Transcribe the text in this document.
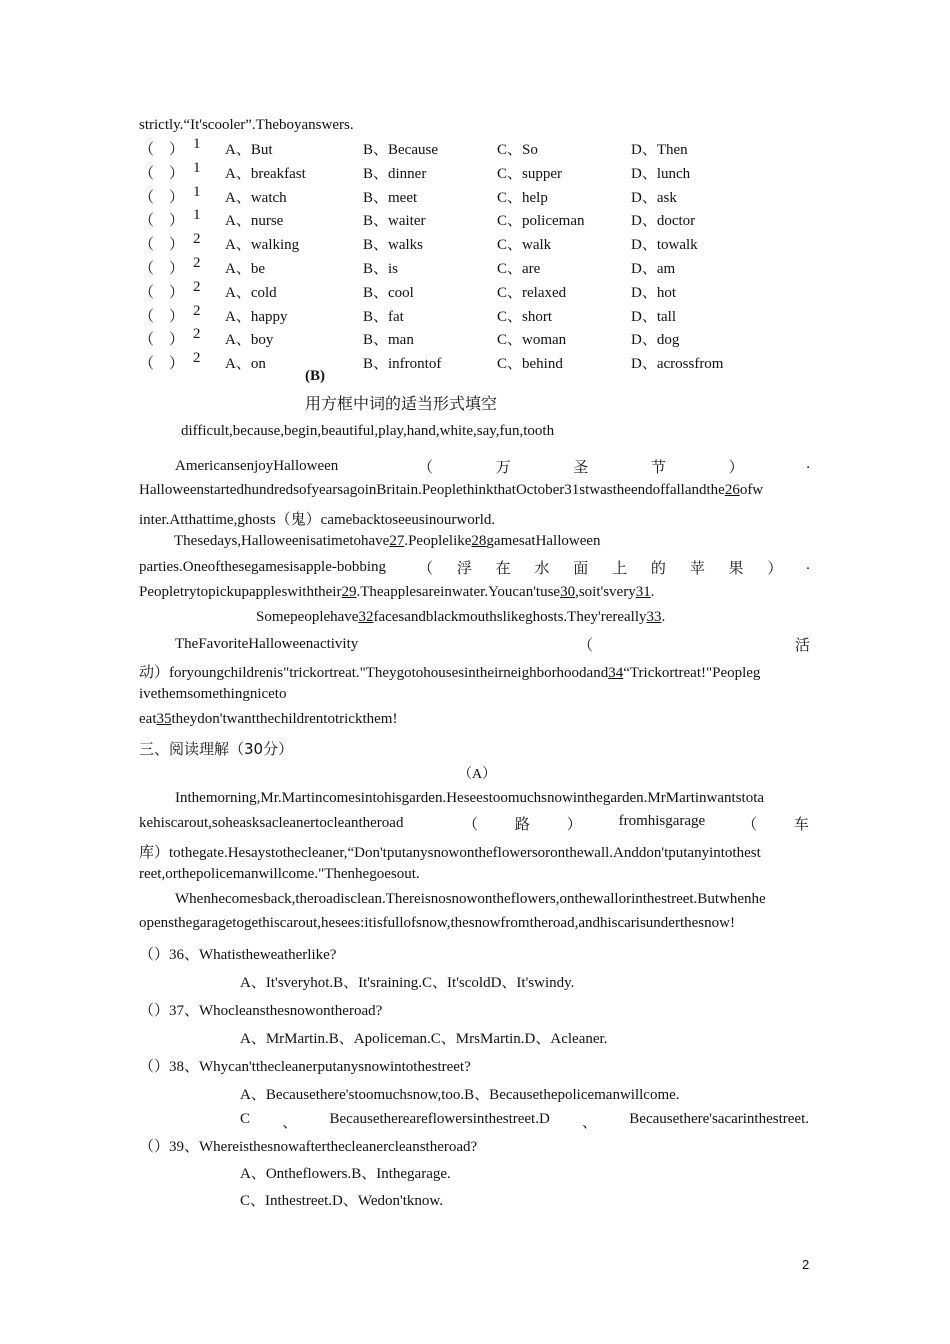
strictly.“It'scooler”.Theboyanswers.
（　） 1 A、But	B、Because	C、So	D、Then
（　） 1 A、breakfast	B、dinner	C、supper	D、lunch
（　） 1 A、watch	B、meet	C、help	D、ask
（　） 1 A、nurse	B、waiter	C、policeman	D、doctor
（　） 2 A、walking	B、walks	C、walk	D、towalk
（　） 2 A、be	B、is	C、are	D、am
（　） 2 A、cold	B、cool	C、relaxed	D、hot
（　） 2 A、happy	B、fat	C、short	D、tall
（　） 2 A、boy	B、man	C、woman	D、dog
（　） 2 A、on	B、infrontof	C、behind	D、acrossfrom
(B)
用方框中词的适当形式填空
difficult,because,begin,beautiful,play,hand,white,say,fun,tooth
AmericansenjoyHalloween	（	万	圣	节	）	.
HalloweenstartedhundredsofyearsagoinBritain.PeoplethinkthatOctober31stwastheendoffallandthe26ofw
inter.Atthattime,ghosts（鬼）camebacktoseeusinourworld.
Thesedays,Halloweenisatimetohave27.Peoplelike28gamesatHalloween
parties.Oneofthesegamesisapple-bobbing （ 浮 在 水 面 上 的 苹 果 ） .
Peopletrytopickupappleswiththeir29.Theapplesareinwater.Youcan'tuse30,soit'svery31.
Somepeoplehave32facesandblackmouthslikeghosts.They'rereally33.
TheFavoriteHalloweenactivity	（	活
动）foryoungchildrenis"trickortreat."Theygotohousesintheirneighborhoodand34“Trickortreat!"Peopleg
ivethemsomethingniceto
eat35theydon'twantthechildrentotrickthem!
三、阅读理解（30分）
（A）
Inthemorning,Mr.Martincomesintohisgarden.Heseestoomuchsnowinthegarden.MrMartinwantstota
kehiscarout,soheasksacleanertocleantheroad	（ 路 ） fromhisgarage （ 车
库）tothegate.Hesaystothecleaner,“Don'tputanysnowontheflowersoronthewall.Anddon'tputanyintothest
reet,orthepolicemanwillcome."Thenhegoesout.
Whenhecomesback,theroadisclean.Thereisnosnowontheflowers,onthewallorinthestreet.Butwhenhe
opensthegaragetogethiscarout,hesees:itisfullofsnow,thesnowfromtheroad,andhiscarisunderthesnow!
（）36、Whatistheweatherlike?
A、It'sveryhot.B、It'sraining.C、It'scoldD、It'swindy.
（）37、Whocleansthesnowontheroad?
A、MrMartin.B、Apoliceman.C、MrsMartin.D、Acleaner.
（）38、Whycan'tthecleanerputanysnowintothestreet?
A、Becausethere'stoomuchsnow,too.B、Becausethepolicemanwillcome.
C 、 Becausethereareflowersinthestreet.D 、 Becausethere'sacarinthestreet.
（）39、Whereisthesnowafterthecleanercleanstheroad?
A、Ontheflowers.B、Inthegarage.
C、Inthestreet.D、Wedon'tknow.
2
